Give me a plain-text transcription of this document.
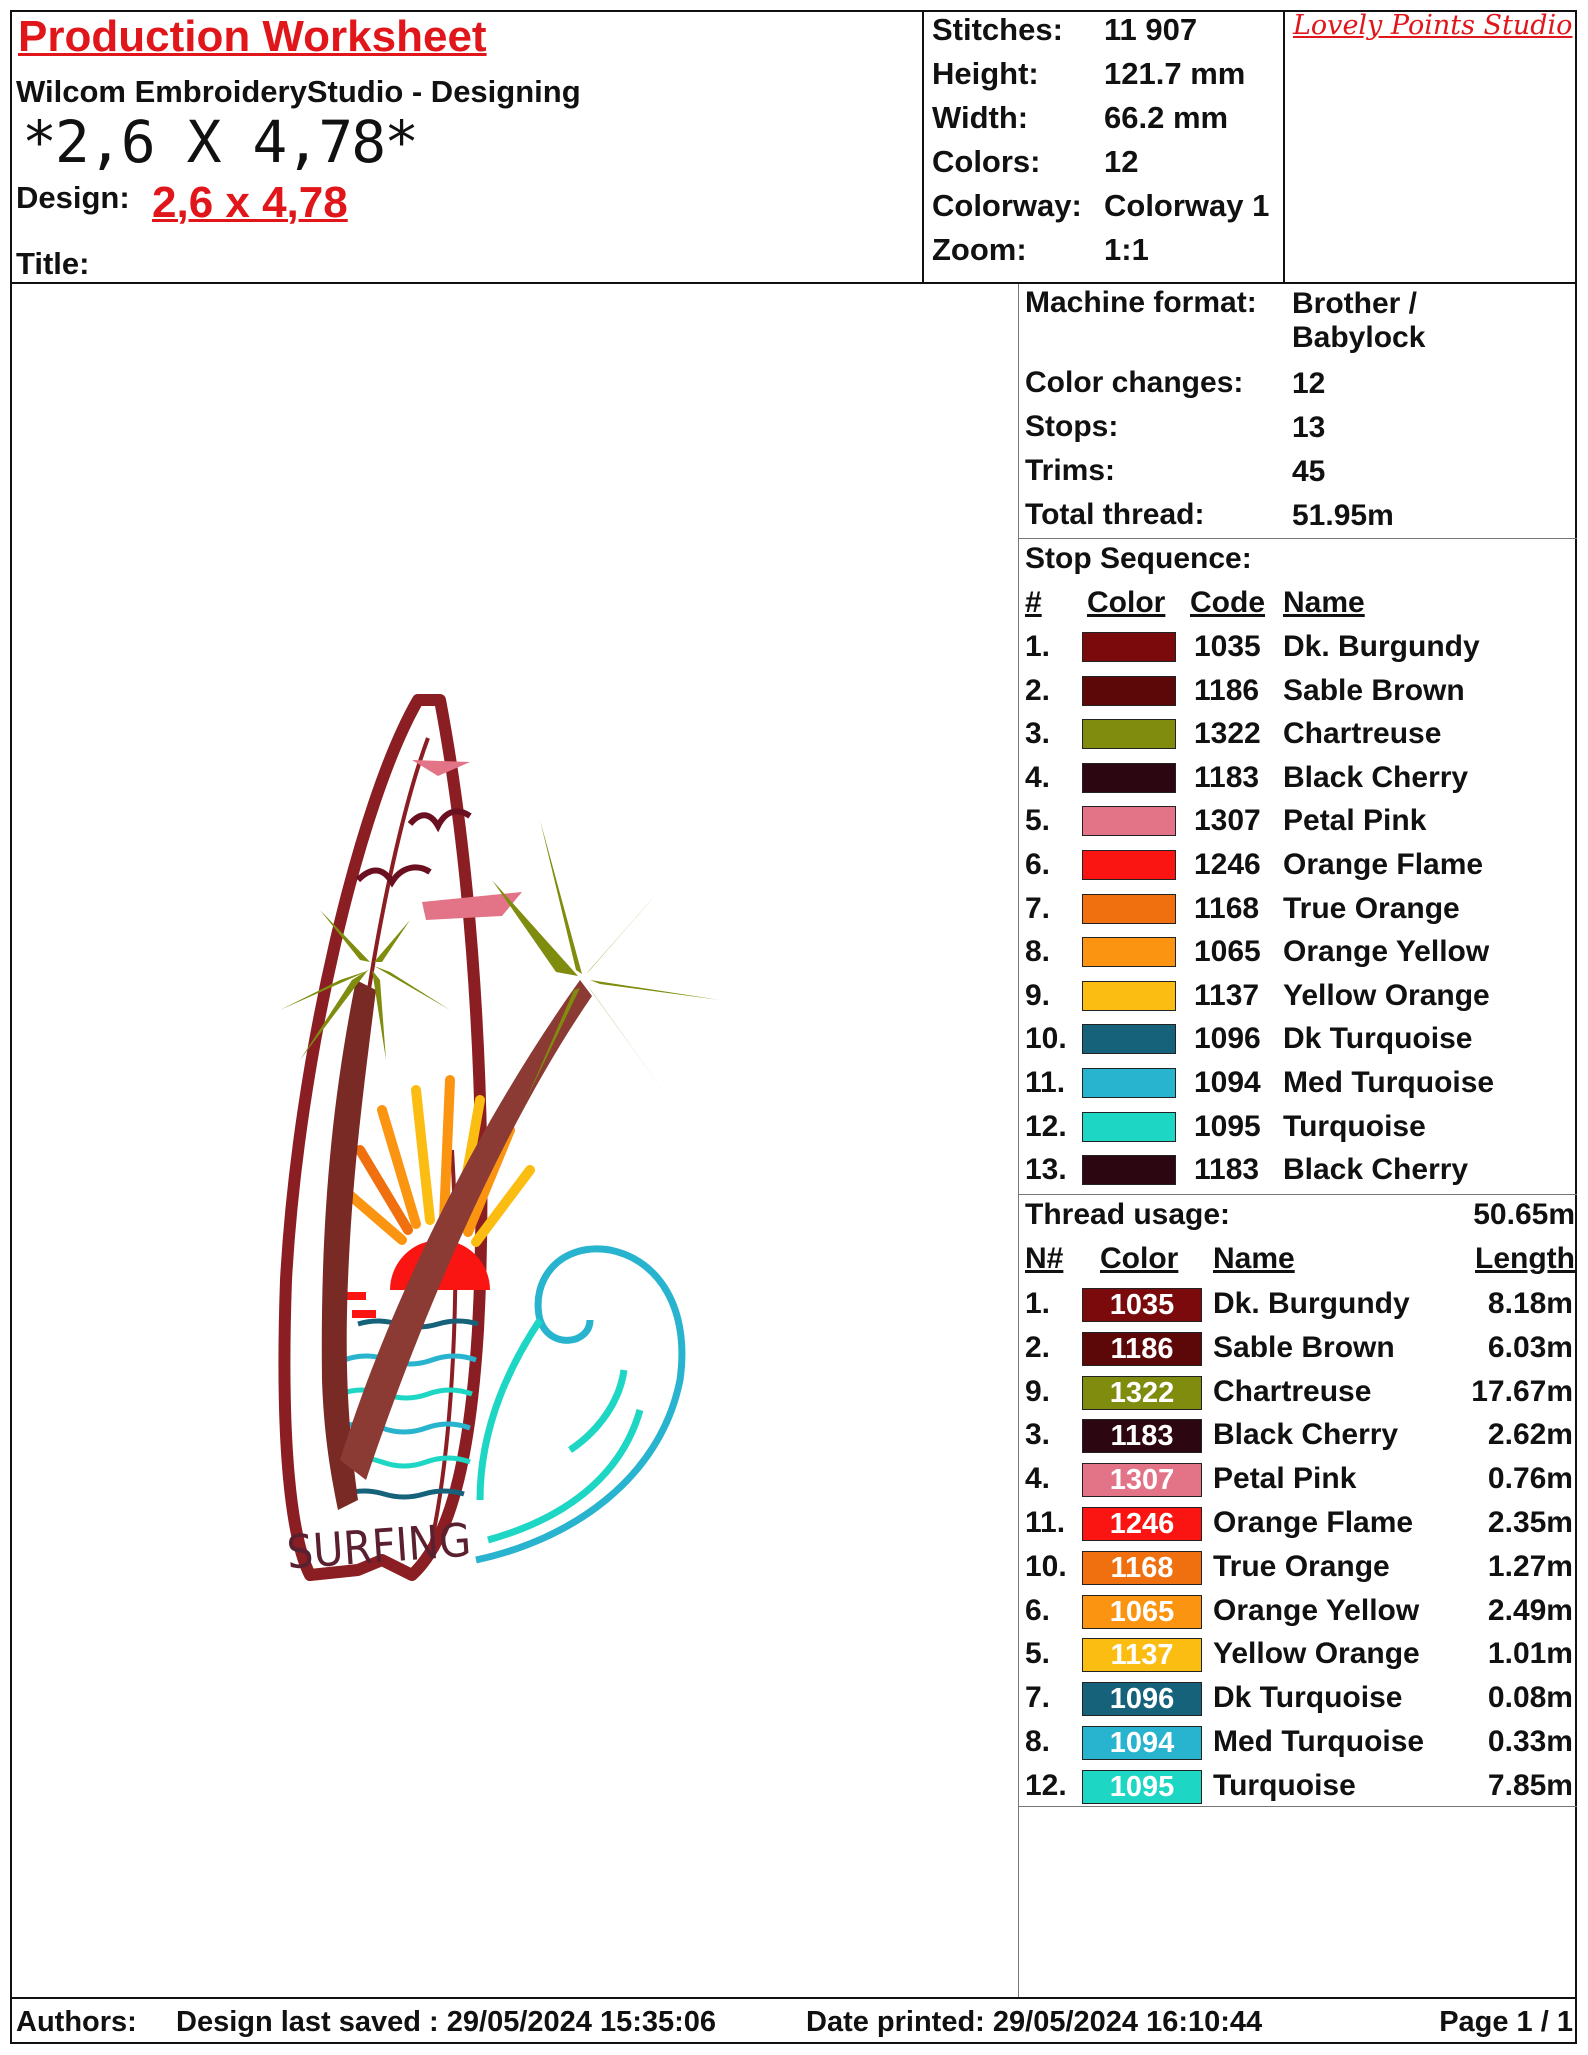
Production Worksheet
Wilcom EmbroideryStudio - Designing
*2,6 X 4,78*
Design: 2,6 x 4,78
Title:
Stitches: 11 907
Height: 121.7 mm
Width: 66.2 mm
Colors: 12
Colorway: Colorway 1
Zoom: 1:1
Lovely Points Studio
Machine format: Brother /
Babylock
Color changes: 12
Stops:	13
Trims:	45
Total thread:	51.95m
Stop Sequence:
# Color Code Name
1.	1035 Dk. Burgundy
2.	1186 Sable Brown
3.	1322 Chartreuse
4.	1183 Black Cherry
5.	1307 Petal Pink
6.	1246 Orange Flame
7.	1168 True Orange
8.	1065 Orange Yellow
9.	1137 Yellow Orange
10.	1096 Dk Turquoise
11.	1094 Med Turquoise
12.	1095 Turquoise
13.	1183 Black Cherry
Thread usage:	50.65m
N# Color Name	Length
1.	1035	Dk. Burgundy	8.18m
2.	1186	Sable Brown	6.03m
9.	1322	Chartreuse	17.67m
3.	1183	Black Cherry	2.62m
4.	1307	Petal Pink	0.76m
11.	1246	Orange Flame 2.35m
10.	1168	True Orange	1.27m
6.	1065	Orange Yellow 2.49m
5.	1137	Yellow Orange 1.01m
7.	1096	Dk Turquoise	0.08m
8.	1094	Med Turquoise 0.33m
12.	1095	Turquoise	7.85m
SURFING
Authors: Design last saved : 29/05/2024 15:35:06	Date printed: 29/05/2024 16:10:44	Page 1 / 1
